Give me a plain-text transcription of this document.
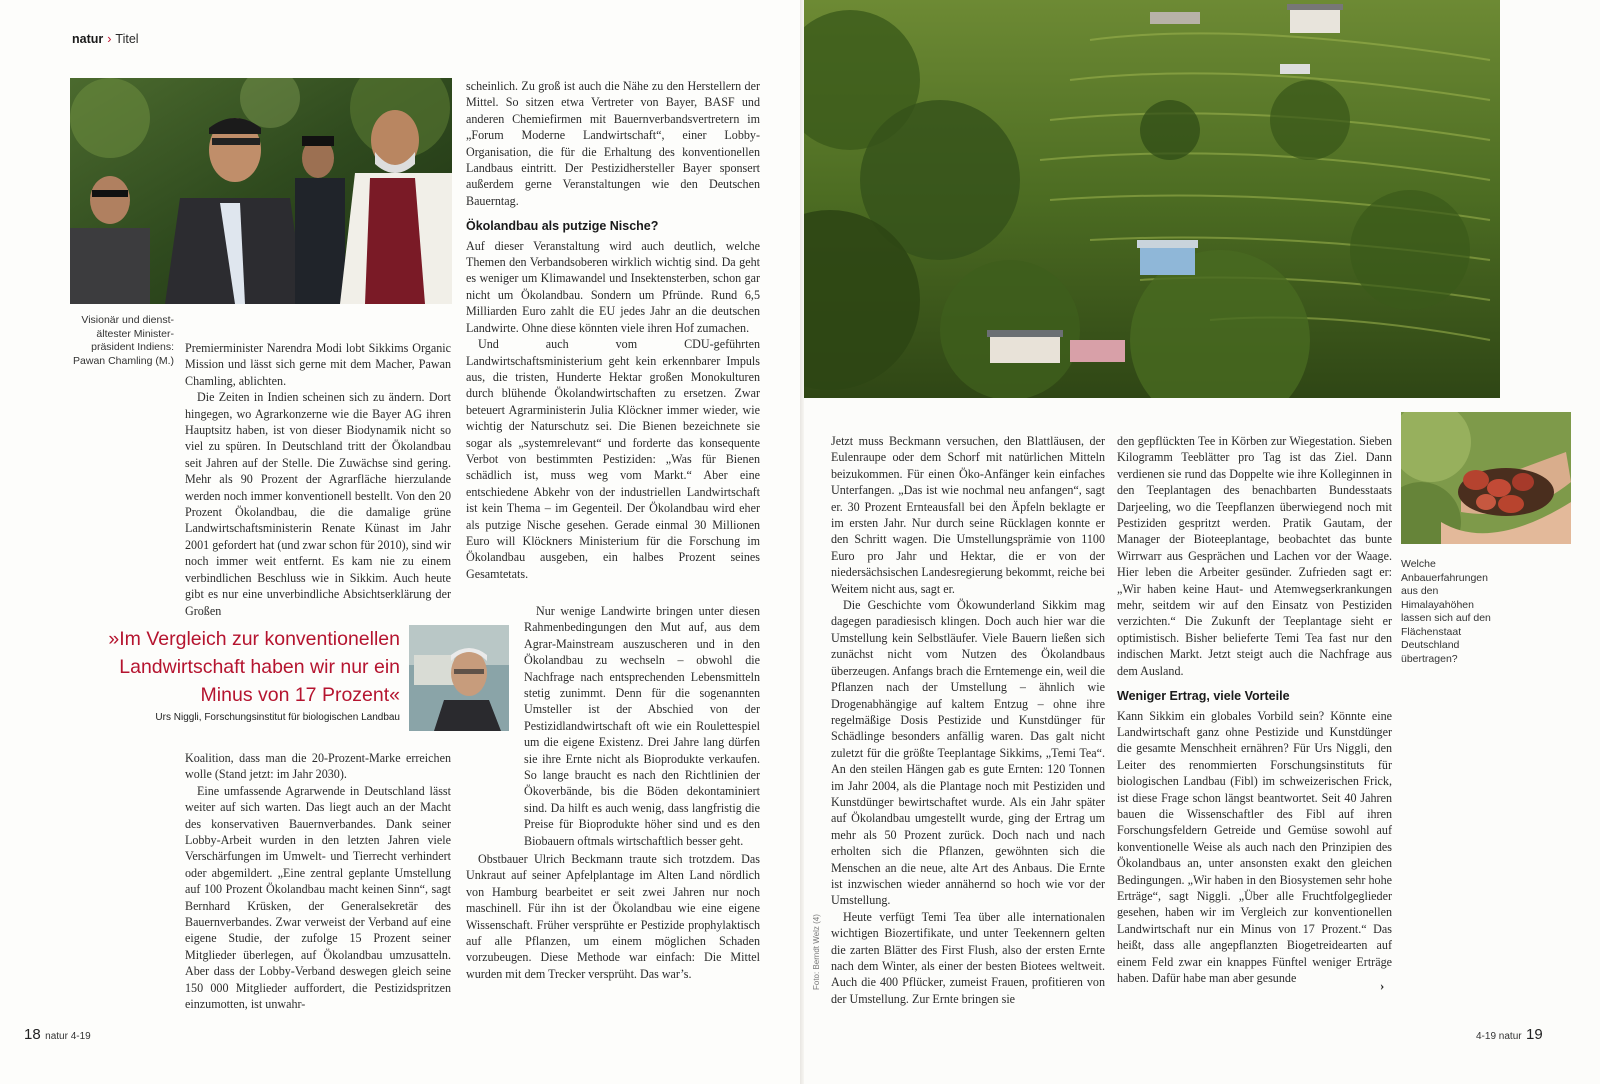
natur › Titel
Visionär und dienst-ältester Minister-präsident Indiens: Pawan Chamling (M.)

Premierminister Narendra Modi lobt Sikkims Organic Mission und lässt sich gerne mit dem Macher, Pawan Chamling, ablichten.

Die Zeiten in Indien scheinen sich zu ändern. Dort hingegen, wo Agrarkonzerne wie die Bayer AG ihren Hauptsitz haben, ist von dieser Biodynamik nicht so viel zu spüren. In Deutschland tritt der Ökolandbau seit Jahren auf der Stelle. Die Zuwächse sind gering. Mehr als 90 Prozent der Agrarfläche hierzulande werden noch immer konventionell bestellt. Von den 20 Prozent Ökolandbau, die die damalige grüne Landwirtschaftsministerin Renate Künast im Jahr 2001 gefordert hat (und zwar schon für 2010), sind wir noch immer weit entfernt. Es kam nie zu einem verbindlichen Beschluss wie in Sikkim. Auch heute gibt es nur eine unverbindliche Absichtserklärung der Großen

»Im Vergleich zur konventionellen Landwirtschaft haben wir nur ein Minus von 17 Prozent«
Urs Niggli, Forschungsinstitut für biologischen Landbau

Koalition, dass man die 20-Prozent-Marke erreichen wolle (Stand jetzt: im Jahr 2030).

Eine umfassende Agrarwende in Deutschland lässt weiter auf sich warten. Das liegt auch an der Macht des konservativen Bauernverbandes. Dank seiner Lobby-Arbeit wurden in den letzten Jahren viele Verschärfungen im Umwelt- und Tierrecht verhindert oder abgemildert. „Eine zentral geplante Umstellung auf 100 Prozent Ökolandbau macht keinen Sinn“, sagt Bernhard Krüsken, der Generalsekretär des Bauernverbandes. Zwar verweist der Verband auf eine eigene Studie, der zufolge 15 Prozent seiner Mitglieder überlegen, auf Ökolandbau umzusatteln. Aber dass der Lobby-Verband deswegen gleich seine 150 000 Mitglieder auffordert, die Pestizidspritzen einzumotten, ist unwahr-

scheinlich. Zu groß ist auch die Nähe zu den Herstellern der Mittel. So sitzen etwa Vertreter von Bayer, BASF und anderen Chemiefirmen mit Bauernverbandsvertretern im „Forum Moderne Landwirtschaft“, einer Lobby-Organisation, die für die Erhaltung des konventionellen Landbaus eintritt. Der Pestizidhersteller Bayer sponsert außerdem gerne Veranstaltungen wie den Deutschen Bauerntag.

Ökolandbau als putzige Nische?

Auf dieser Veranstaltung wird auch deutlich, welche Themen den Verbandsoberen wirklich wichtig sind. Da geht es weniger um Klimawandel und Insektensterben, schon gar nicht um Ökolandbau. Sondern um Pfründe. Rund 6,5 Milliarden Euro zahlt die EU jedes Jahr an die deutschen Landwirte. Ohne diese könnten viele ihren Hof zumachen.

Und auch vom CDU-geführten Landwirtschaftsministerium geht kein erkennbarer Impuls aus, die tristen, Hunderte Hektar großen Monokulturen durch blühende Ökolandwirtschaften zu ersetzen. Zwar beteuert Agrarministerin Julia Klöckner immer wieder, wie wichtig der Naturschutz sei. Die Bienen bezeichnete sie sogar als „systemrelevant“ und forderte das konsequente Verbot von bestimmten Pestiziden: „Was für Bienen schädlich ist, muss weg vom Markt.“ Aber eine entschiedene Abkehr von der industriellen Landwirtschaft ist kein Thema – im Gegenteil. Der Ökolandbau wird eher als putzige Nische gesehen. Gerade einmal 30 Millionen Euro will Klöckners Ministerium für die Forschung im Ökolandbau ausgeben, ein halbes Prozent seines Gesamtetats.

Nur wenige Landwirte bringen unter diesen Rahmenbedingungen den Mut auf, aus dem Agrar-Mainstream auszuscheren und in den Ökolandbau zu wechseln – obwohl die Nachfrage nach entsprechenden Lebensmitteln stetig zunimmt. Denn für die sogenannten Umsteller ist der Abschied von der Pestizidlandwirtschaft oft wie ein Roulettespiel um die eigene Existenz. Drei Jahre lang dürfen sie ihre Ernte nicht als Bioprodukte verkaufen. So lange braucht es nach den Richtlinien der Ökoverbände, bis die Böden dekontaminiert sind. Da hilft es auch wenig, dass langfristig die Preise für Bioprodukte höher sind und es den Biobauern oftmals wirtschaftlich besser geht.

Obstbauer Ulrich Beckmann traute sich trotzdem. Das Unkraut auf seiner Apfelplantage im Alten Land nördlich von Hamburg bearbeitet er seit zwei Jahren nur noch maschinell. Für ihn ist der Ökolandbau wie eine eigene Wissenschaft. Früher versprühte er Pestizide prophylaktisch auf alle Pflanzen, um einem möglichen Schaden vorzubeugen. Diese Methode war einfach: Die Mittel wurden mit dem Trecker versprüht. Das war’s.

18 natur 4-19
Welche Anbauerfahrungen aus den Himalayahöhen lassen sich auf den Flächenstaat Deutschland übertragen?

Jetzt muss Beckmann versuchen, den Blattläusen, der Eulenraupe oder dem Schorf mit natürlichen Mitteln beizukommen. Für einen Öko-Anfänger kein einfaches Unterfangen. „Das ist wie nochmal neu anfangen“, sagt er. 30 Prozent Ernteausfall bei den Äpfeln beklagte er im ersten Jahr. Nur durch seine Rücklagen konnte er den Schritt wagen. Die Umstellungsprämie von 1100 Euro pro Jahr und Hektar, die er von der niedersächsischen Landesregierung bekommt, reiche bei Weitem nicht aus, sagt er.

Die Geschichte vom Ökowunderland Sikkim mag dagegen paradiesisch klingen. Doch auch hier war die Umstellung kein Selbstläufer. Viele Bauern ließen sich zunächst nicht vom Nutzen des Ökolandbaus überzeugen. Anfangs brach die Erntemenge ein, weil die Pflanzen nach der Umstellung – ähnlich wie Drogenabhängige auf kaltem Entzug – ohne ihre regelmäßige Dosis Pestizide und Kunstdünger für Schädlinge besonders anfällig waren. Das galt nicht zuletzt für die größte Teeplantage Sikkims, „Temi Tea“. An den steilen Hängen gab es gute Ernten: 120 Tonnen im Jahr 2004, als die Plantage noch mit Pestiziden und Kunstdünger bewirtschaftet wurde. Als ein Jahr später auf Ökolandbau umgestellt wurde, ging der Ertrag um mehr als 50 Prozent zurück. Doch nach und nach erholten sich die Pflanzen, gewöhnten sich die Menschen an die neue, alte Art des Anbaus. Die Ernte ist inzwischen wieder annähernd so hoch wie vor der Umstellung.

Heute verfügt Temi Tea über alle internationalen wichtigen Biozertifikate, und unter Teekennern gelten die zarten Blätter des First Flush, also der ersten Ernte nach dem Winter, als einer der besten Biotees weltweit. Auch die 400 Pflücker, zumeist Frauen, profitieren von der Umstellung. Zur Ernte bringen sie

den gepflückten Tee in Körben zur Wiegestation. Sieben Kilogramm Teeblätter pro Tag ist das Ziel. Dann verdienen sie rund das Doppelte wie ihre Kolleginnen in den Teeplantagen des benachbarten Bundesstaats Darjeeling, wo die Teepflanzen überwiegend noch mit Pestiziden gespritzt werden. Pratik Gautam, der Manager der Bioteeplantage, beobachtet das bunte Wirrwarr aus Gesprächen und Lachen vor der Waage. Hier leben die Arbeiter gesünder. Zufrieden sagt er: „Wir haben keine Haut- und Atemwegserkrankungen mehr, seitdem wir auf den Einsatz von Pestiziden verzichten.“ Die Zukunft der Teeplantage sieht er optimistisch. Bisher belieferte Temi Tea fast nur den indischen Markt. Jetzt steigt auch die Nachfrage aus dem Ausland.

Weniger Ertrag, viele Vorteile

Kann Sikkim ein globales Vorbild sein? Könnte eine Landwirtschaft ganz ohne Pestizide und Kunstdünger die gesamte Menschheit ernähren? Für Urs Niggli, den Leiter des renommierten Forschungsinstituts für biologischen Landbau (Fibl) im schweizerischen Frick, ist diese Frage schon längst beantwortet. Seit 40 Jahren bauen die Wissenschaftler des Fibl auf ihren Forschungsfeldern Getreide und Gemüse sowohl auf konventionelle Weise als auch nach den Prinzipien des Ökolandbaus an, unter ansonsten exakt den gleichen Bedingungen. „Wir haben in den Biosystemen sehr hohe Erträge“, sagt Niggli. „Über alle Fruchtfolgeglieder gesehen, haben wir im Vergleich zur konventionellen Landwirtschaft nur ein Minus von 17 Prozent.“ Das heißt, dass alle angepflanzten Biogetreidearten auf einem Feld zwar ein knappes Fünftel weniger Erträge haben. Dafür habe man aber gesunde

4-19 natur 19
Foto: Berndt Welz (4)	›
